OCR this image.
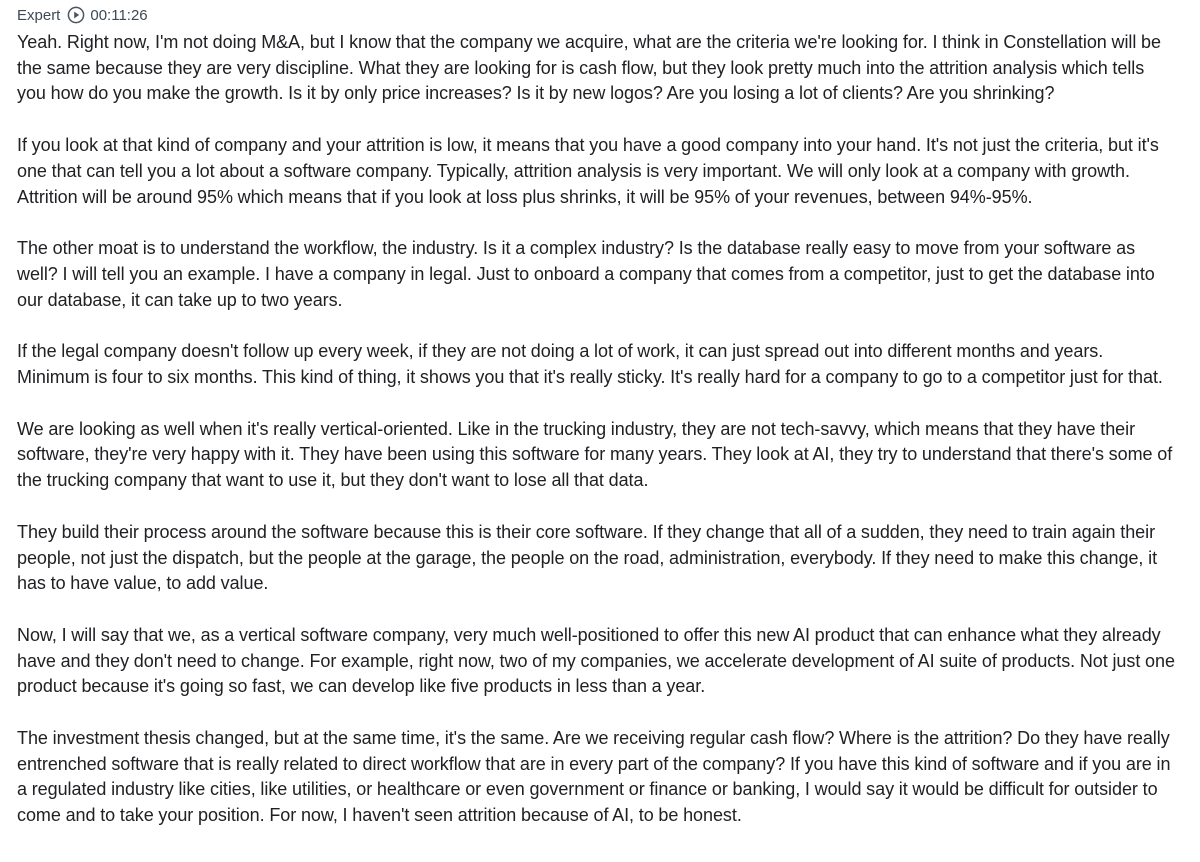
Expert 00:11:26

Yeah. Right now, I'm not doing M&A, but I know that the company we acquire, what are the criteria we're looking for. I think in Constellation will be the same because they are very discipline. What they are looking for is cash flow, but they look pretty much into the attrition analysis which tells you how do you make the growth. Is it by only price increases? Is it by new logos? Are you losing a lot of clients? Are you shrinking?

If you look at that kind of company and your attrition is low, it means that you have a good company into your hand. It's not just the criteria, but it's one that can tell you a lot about a software company. Typically, attrition analysis is very important. We will only look at a company with growth. Attrition will be around 95% which means that if you look at loss plus shrinks, it will be 95% of your revenues, between 94%-95%.

The other moat is to understand the workflow, the industry. Is it a complex industry? Is the database really easy to move from your software as well? I will tell you an example. I have a company in legal. Just to onboard a company that comes from a competitor, just to get the database into our database, it can take up to two years.

If the legal company doesn't follow up every week, if they are not doing a lot of work, it can just spread out into different months and years. Minimum is four to six months. This kind of thing, it shows you that it's really sticky. It's really hard for a company to go to a competitor just for that.

We are looking as well when it's really vertical-oriented. Like in the trucking industry, they are not tech-savvy, which means that they have their software, they're very happy with it. They have been using this software for many years. They look at AI, they try to understand that there's some of the trucking company that want to use it, but they don't want to lose all that data.

They build their process around the software because this is their core software. If they change that all of a sudden, they need to train again their people, not just the dispatch, but the people at the garage, the people on the road, administration, everybody. If they need to make this change, it has to have value, to add value.

Now, I will say that we, as a vertical software company, very much well-positioned to offer this new AI product that can enhance what they already have and they don't need to change. For example, right now, two of my companies, we accelerate development of AI suite of products. Not just one product because it's going so fast, we can develop like five products in less than a year.

The investment thesis changed, but at the same time, it's the same. Are we receiving regular cash flow? Where is the attrition? Do they have really entrenched software that is really related to direct workflow that are in every part of the company? If you have this kind of software and if you are in a regulated industry like cities, like utilities, or healthcare or even government or finance or banking, I would say it would be difficult for outsider to come and to take your position. For now, I haven't seen attrition because of AI, to be honest.
